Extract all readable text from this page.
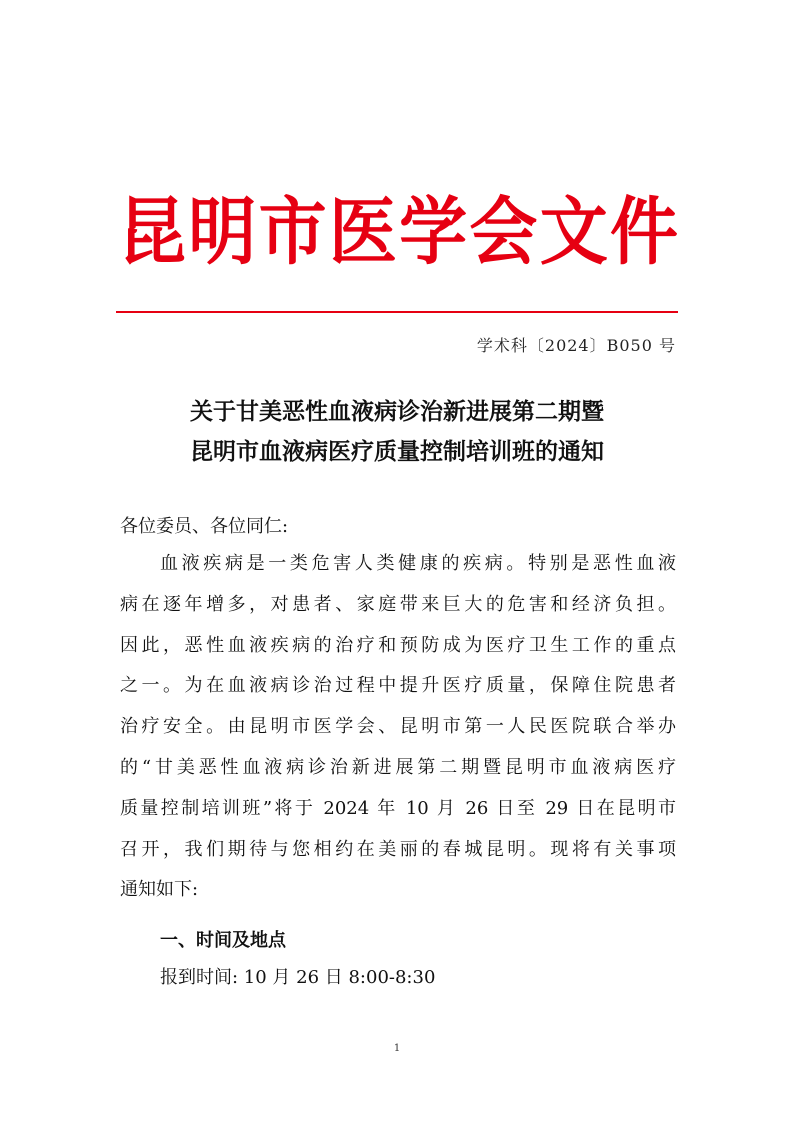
昆 明 市 医 学 会 文 件
学术科〔2024〕B050 号
关于甘美恶性血液病诊治新进展第二期暨
昆明市血液病医疗质量控制培训班的通知

各位委员、各位同仁:

血液疾病是一类危害人类健康的疾病。特别是恶性血液
病在逐年增多，对患者、家庭带来巨大的危害和经济负担。
因此，恶性血液疾病的治疗和预防成为医疗卫生工作的重点
之一。为在血液病诊治过程中提升医疗质量，保障住院患者
治疗安全。由昆明市医学会、昆明市第一人民医院联合举办
的“甘美恶性血液病诊治新进展第二期暨昆明市血液病医疗
质量控制培训班”将于 2024 年 10 月 26 日至 29 日在昆明市
召开，我们期待与您相约在美丽的春城昆明。现将有关事项
通知如下:
一、时间及地点

报到时间: 10 月 26 日 8:00-8:30

1
